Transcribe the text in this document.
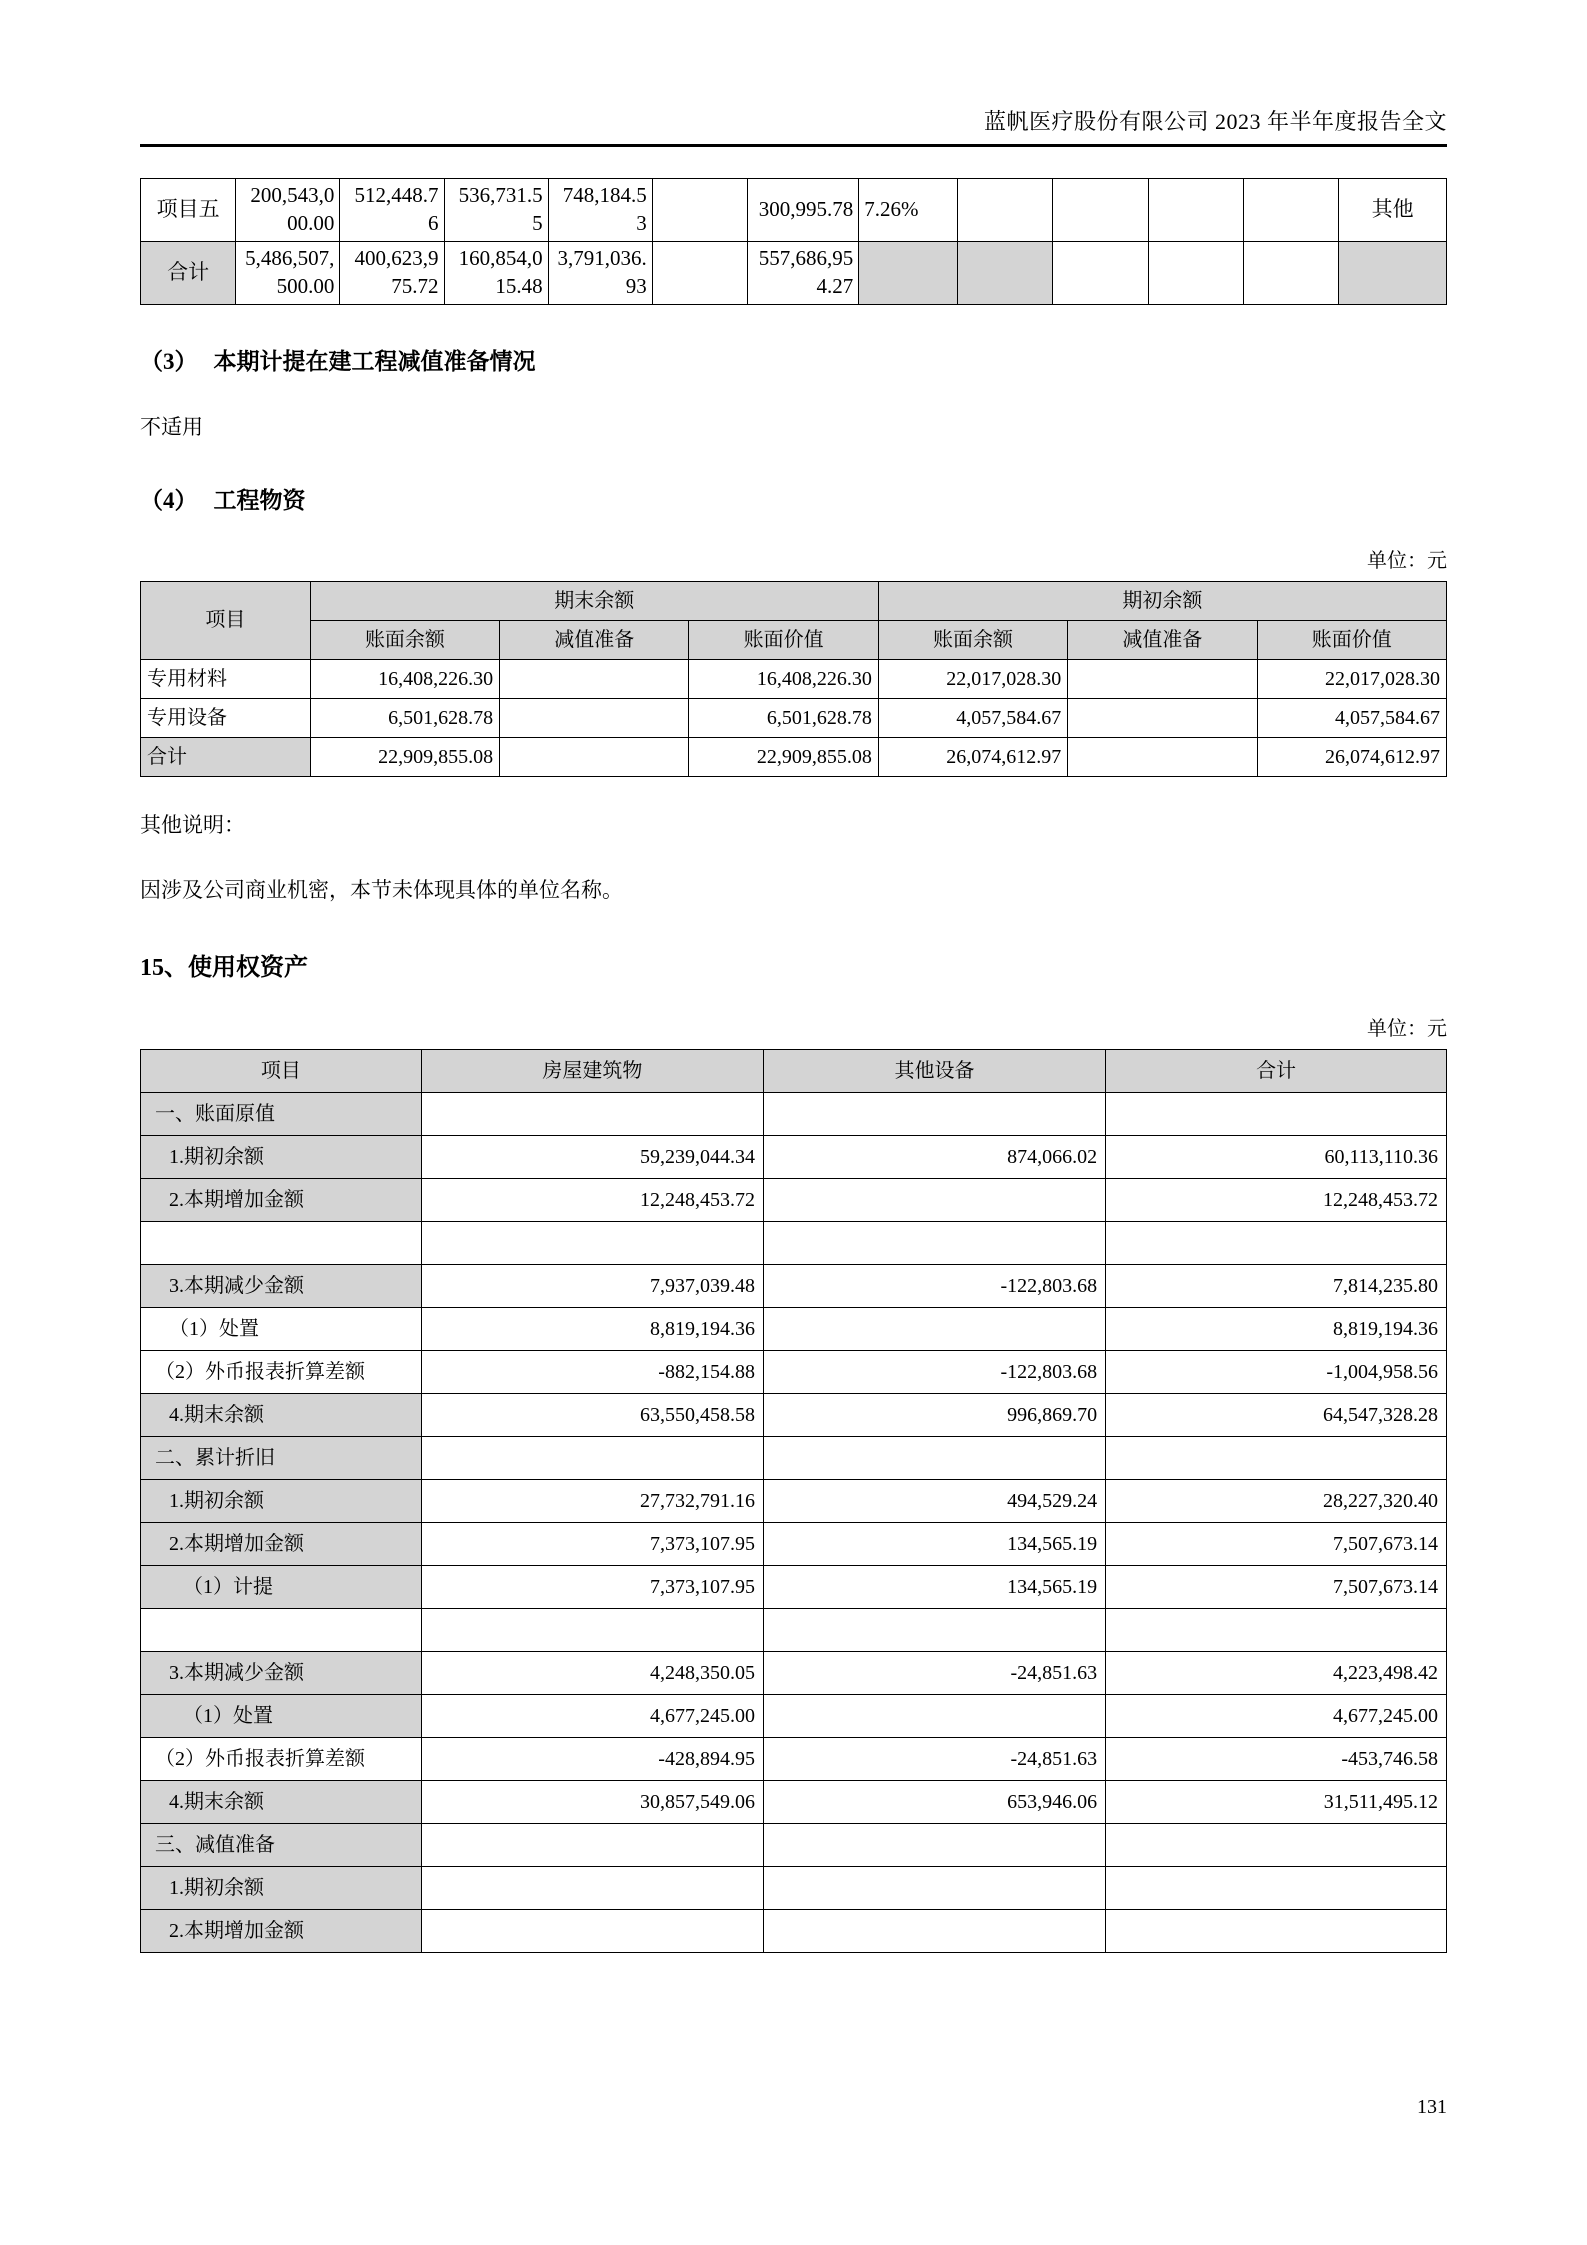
蓝帆医疗股份有限公司 2023 年半年度报告全文
项目五	200,543,000.00	512,448.76	536,731.55	748,184.53		300,995.78	7.26%					其他
合计	5,486,507,500.00	400,623,975.72	160,854,015.48	3,791,036.93		557,686,954.27						
（3） 本期计提在建工程减值准备情况
不适用
（4） 工程物资
单位：元
项目	期末余额			期初余额		
	账面余额	减值准备	账面价值	账面余额	减值准备	账面价值
专用材料	16,408,226.30		16,408,226.30	22,017,028.30		22,017,028.30
专用设备	6,501,628.78		6,501,628.78	4,057,584.67		4,057,584.67
合计	22,909,855.08		22,909,855.08	26,074,612.97		26,074,612.97
其他说明：
因涉及公司商业机密，本节未体现具体的单位名称。
15、使用权资产
单位：元
项目	房屋建筑物	其他设备	合计
一、账面原值			
1.期初余额	59,239,044.34	874,066.02	60,113,110.36
2.本期增加金额	12,248,453.72		12,248,453.72

3.本期减少金额	7,937,039.48	-122,803.68	7,814,235.80
（1）处置	8,819,194.36		8,819,194.36
（2）外币报表折算差额	-882,154.88	-122,803.68	-1,004,958.56
4.期末余额	63,550,458.58	996,869.70	64,547,328.28
二、累计折旧			
1.期初余额	27,732,791.16	494,529.24	28,227,320.40
2.本期增加金额	7,373,107.95	134,565.19	7,507,673.14
（1）计提	7,373,107.95	134,565.19	7,507,673.14

3.本期减少金额	4,248,350.05	-24,851.63	4,223,498.42
（1）处置	4,677,245.00		4,677,245.00
（2）外币报表折算差额	-428,894.95	-24,851.63	-453,746.58
4.期末余额	30,857,549.06	653,946.06	31,511,495.12
三、减值准备			
1.期初余额			
2.本期增加金额			
131
